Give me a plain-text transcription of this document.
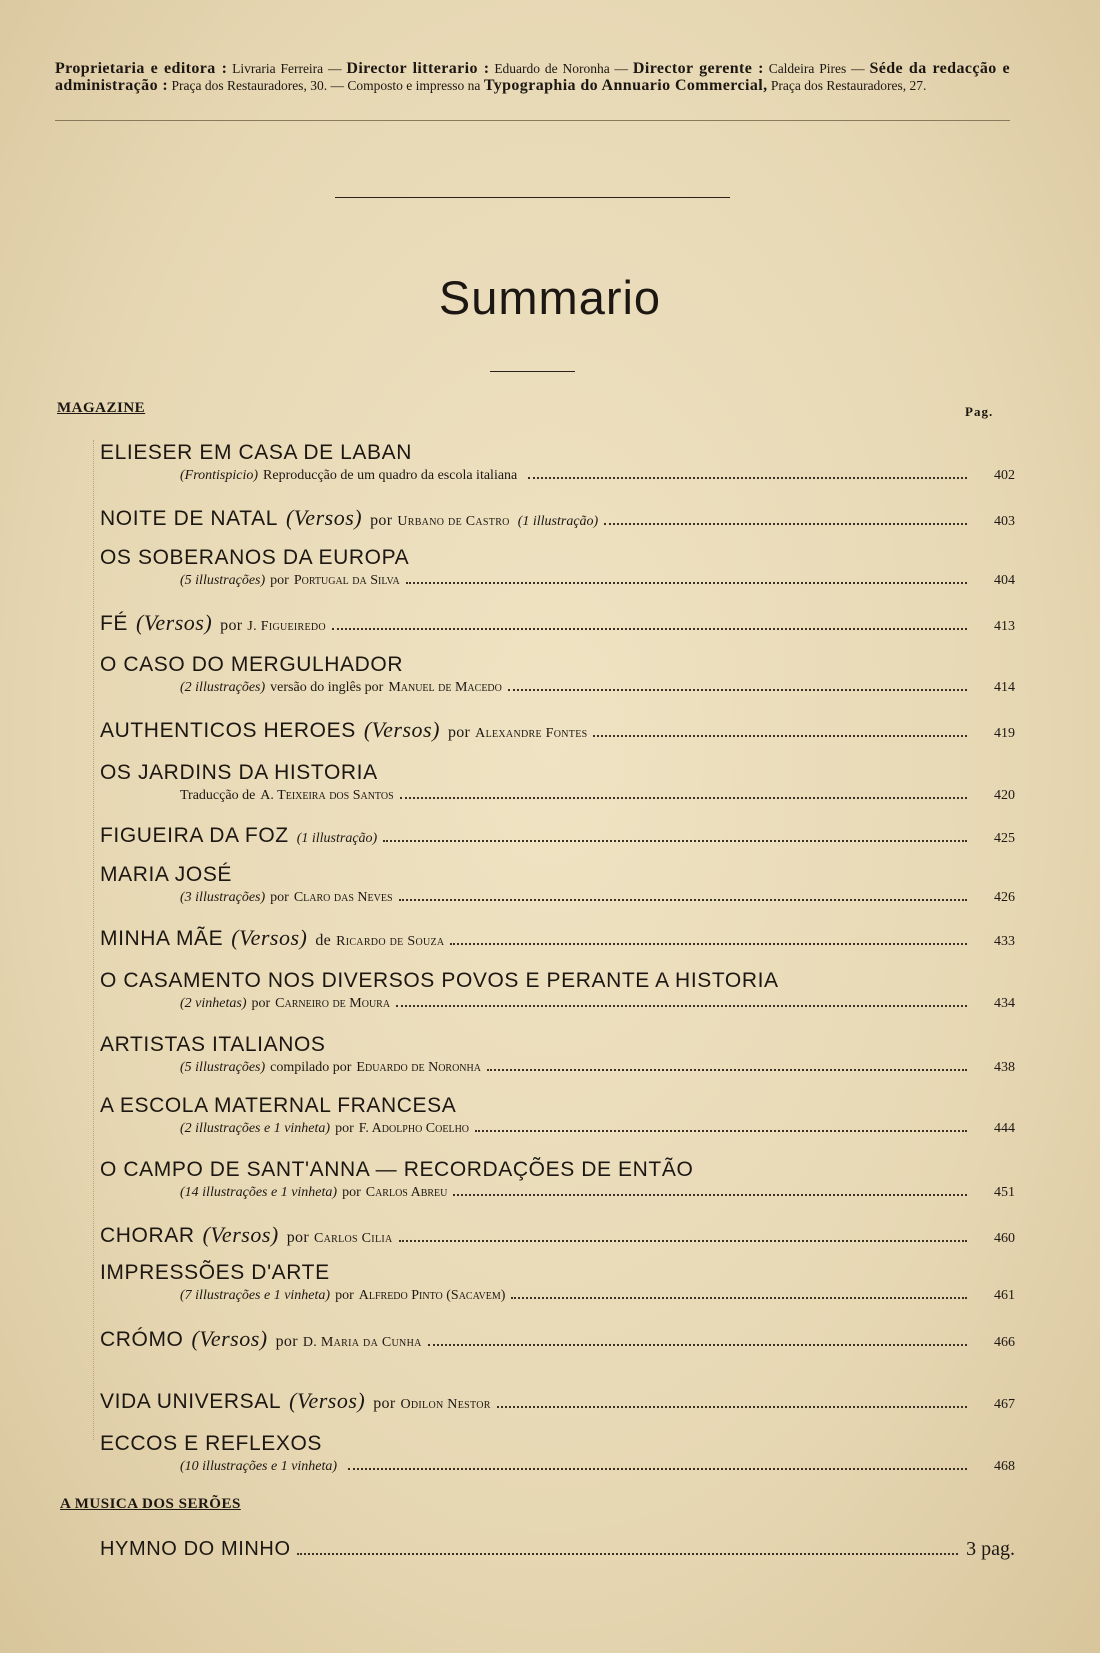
Proprietaria e editora : Livraria Ferreira — Director litterario : Eduardo de Noronha — Director gerente : Caldeira Pires — Séde da redacção e administração : Praça dos Restauradores, 30. — Composto e impresso na Typographia do Annuario Commercial, Praça dos Restauradores, 27.
Summario
MAGAZINE	Pag.
ELIESER EM CASA DE LABAN
(Frontispicio) Reproducção de um quadro da escola italiana	402
NOITE DE NATAL (Versos) por Urbano de Castro (1 illustração)	403
OS SOBERANOS DA EUROPA
(5 illustrações) por Portugal da Silva	404
FÉ (Versos) por J. Figueiredo	413
O CASO DO MERGULHADOR
(2 illustrações) versão do inglês por Manuel de Macedo	414
AUTHENTICOS HEROES (Versos) por Alexandre Fontes	419
OS JARDINS DA HISTORIA
Traducção de A. Teixeira dos Santos	420
FIGUEIRA DA FOZ (1 illustração)	425
MARIA JOSÉ
(3 illustrações) por Claro das Neves	426
MINHA MÃE (Versos) de Ricardo de Souza	433
O CASAMENTO NOS DIVERSOS POVOS E PERANTE A HISTORIA
(2 vinhetas) por Carneiro de Moura	434
ARTISTAS ITALIANOS
(5 illustrações) compilado por Eduardo de Noronha	438
A ESCOLA MATERNAL FRANCESA
(2 illustrações e 1 vinheta) por F. Adolpho Coelho	444
O CAMPO DE SANT'ANNA — RECORDAÇÕES DE ENTÃO
(14 illustrações e 1 vinheta) por Carlos Abreu	451
CHORAR (Versos) por Carlos Cilia	460
IMPRESSÕES D'ARTE
(7 illustrações e 1 vinheta) por Alfredo Pinto (Sacavem)	461
CRÓMO (Versos) por D. Maria da Cunha	466
VIDA UNIVERSAL (Versos) por Odilon Nestor	467
ECCOS E REFLEXOS
(10 illustrações e 1 vinheta)	468
A MUSICA DOS SERÕES
HYMNO DO MINHO	3 pag.
